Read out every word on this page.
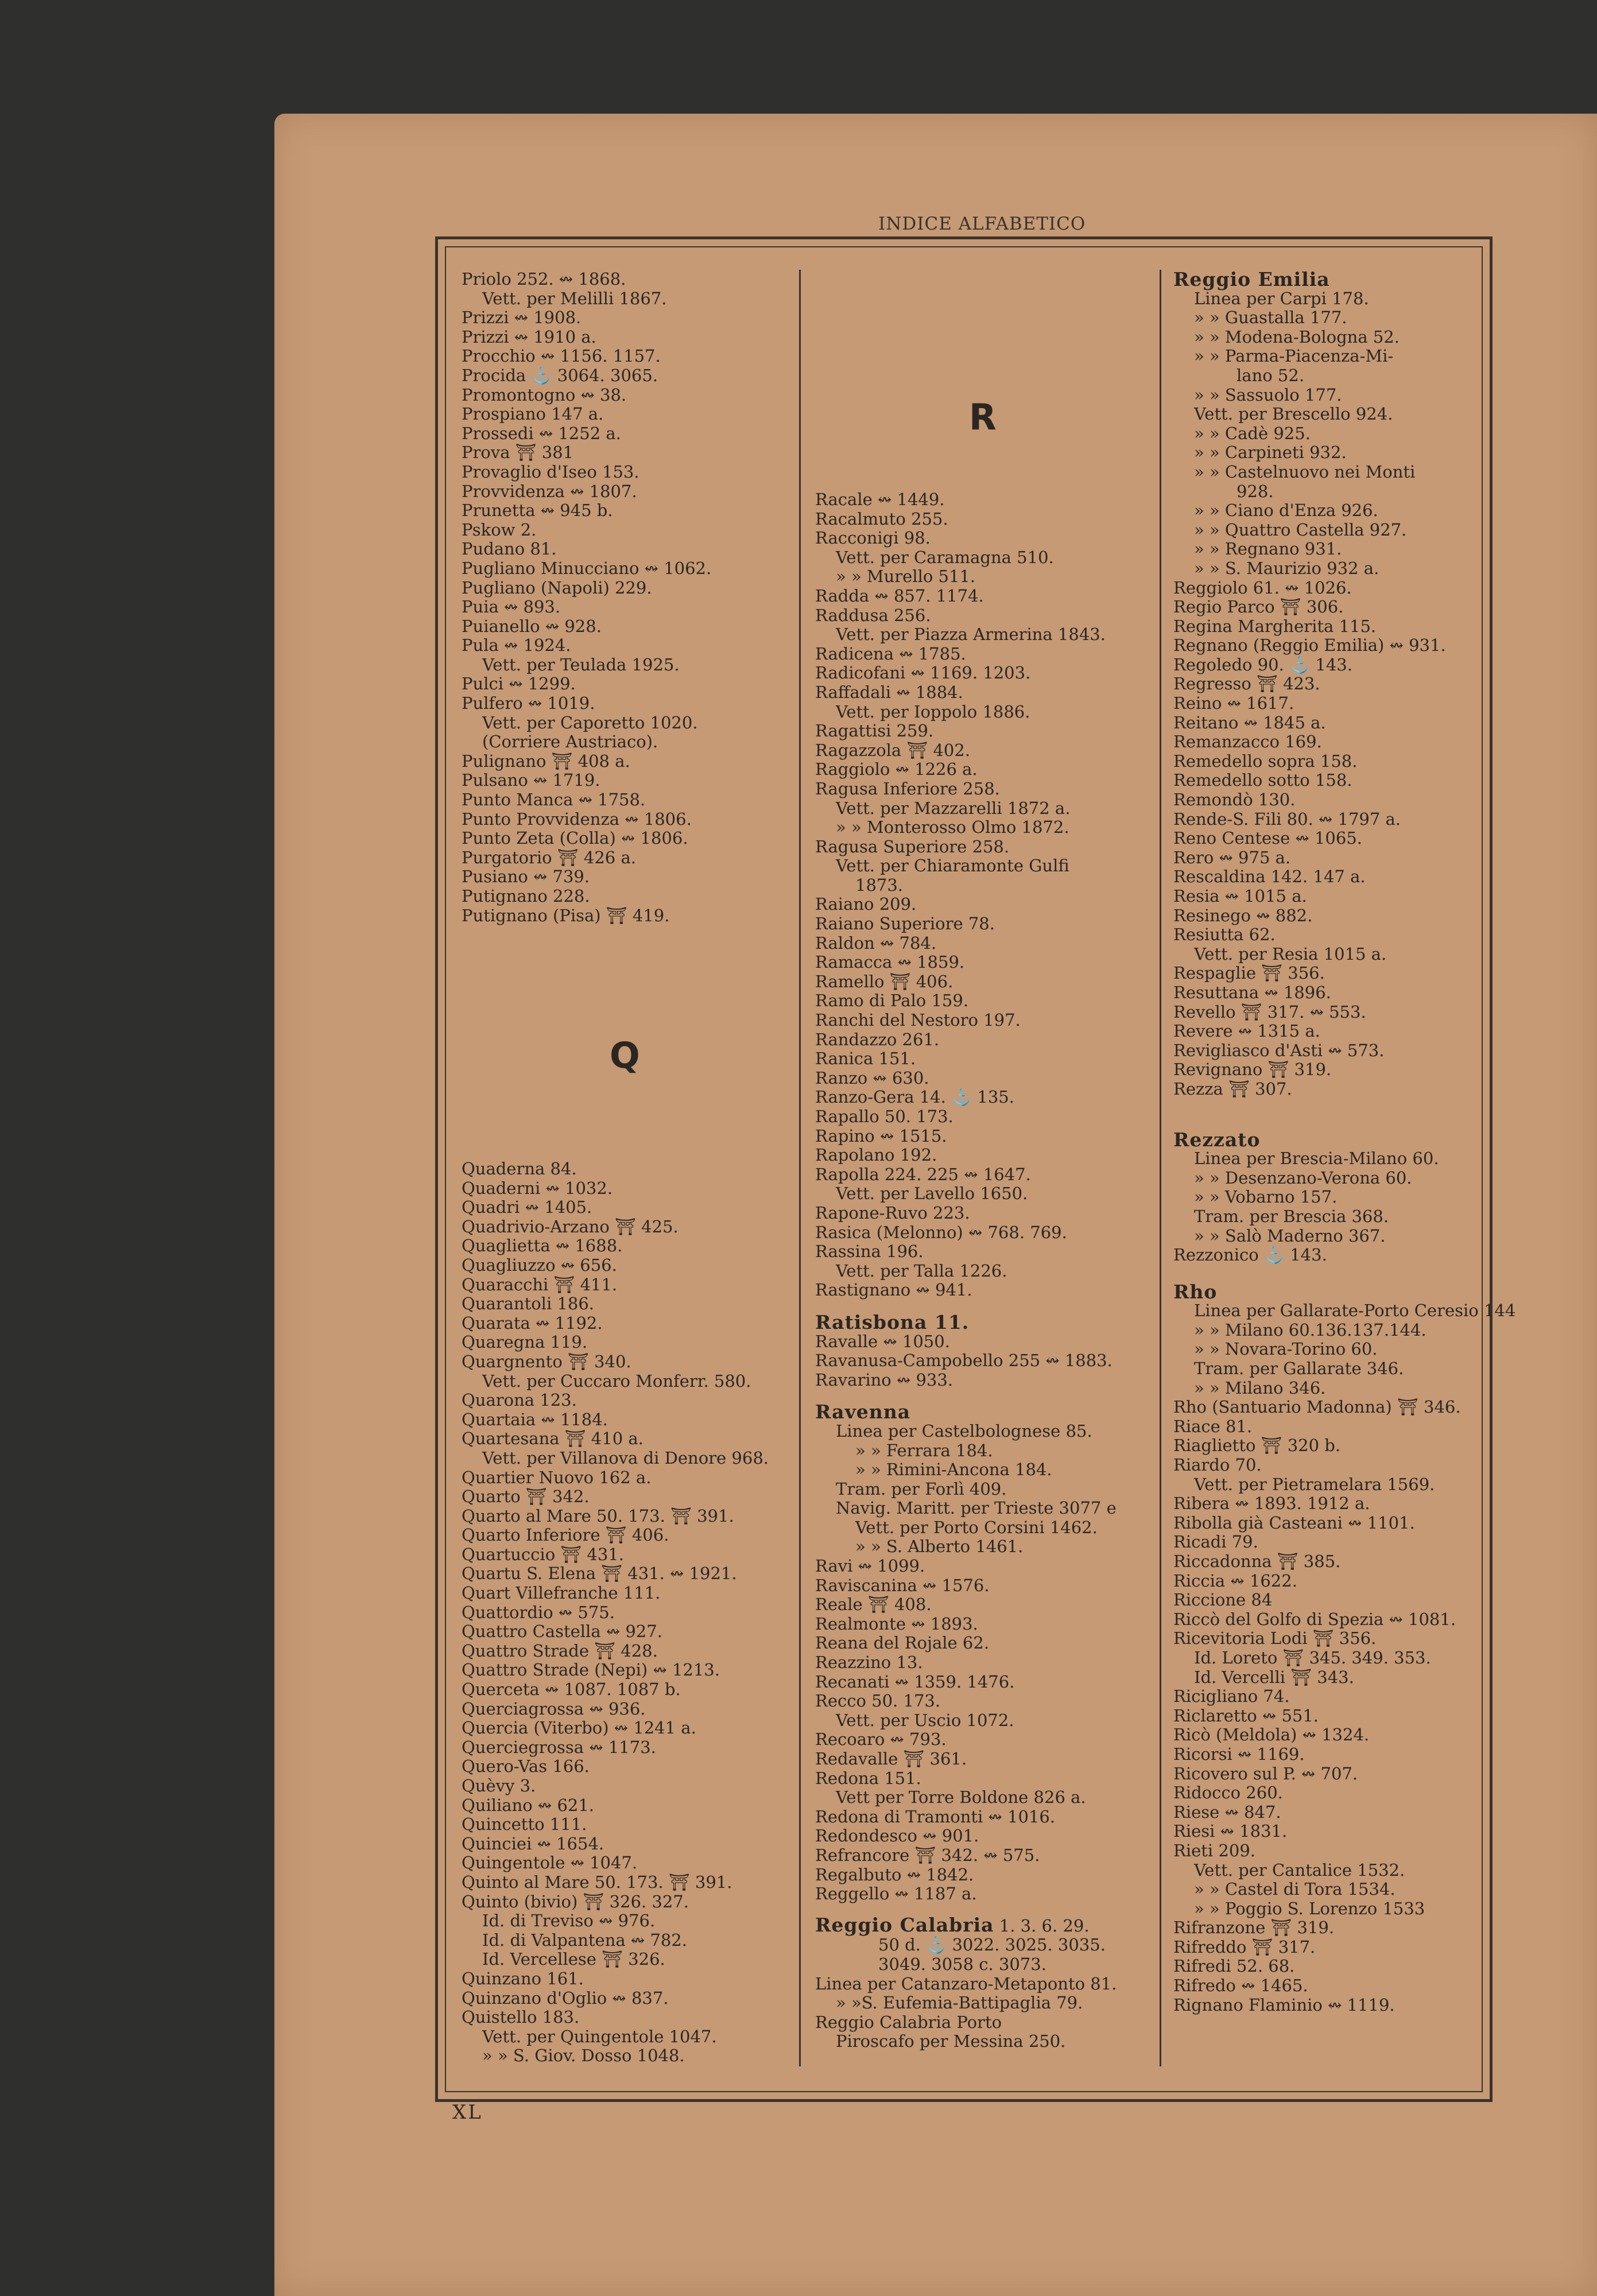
INDICE ALFABETICO
Priolo 252. ↭ 1868.
Vett. per Melilli 1867.
Prizzi ↭ 1908.
Prizzi ↭ 1910 a.
Procchio ↭ 1156. 1157.
Procida ⚓ 3064. 3065.
Promontogno ↭ 38.
Prospiano 147 a.
Prossedi ↭ 1252 a.
Prova ⛩ 381
Provaglio d'Iseo 153.
Provvidenza ↭ 1807.
Prunetta ↭ 945 b.
Pskow 2.
Pudano 81.
Pugliano Minucciano ↭ 1062.
Pugliano (Napoli) 229.
Puia ↭ 893.
Puianello ↭ 928.
Pula ↭ 1924.
Vett. per Teulada 1925.
Pulci ↭ 1299.
Pulfero ↭ 1019.
Vett. per Caporetto 1020.
(Corriere Austriaco).
Pulignano ⛩ 408 a.
Pulsano ↭ 1719.
Punto Manca ↭ 1758.
Punto Provvidenza ↭ 1806.
Punto Zeta (Colla) ↭ 1806.
Purgatorio ⛩ 426 a.
Pusiano ↭ 739.
Putignano 228.
Putignano (Pisa) ⛩ 419.
Q
Quaderna 84.
Quaderni ↭ 1032.
Quadri ↭ 1405.
Quadrivio-Arzano ⛩ 425.
Quaglietta ↭ 1688.
Quagliuzzo ↭ 656.
Quaracchi ⛩ 411.
Quarantoli 186.
Quarata ↭ 1192.
Quaregna 119.
Quargnento ⛩ 340.
Vett. per Cuccaro Monferr. 580.
Quarona 123.
Quartaia ↭ 1184.
Quartesana ⛩ 410 a.
Vett. per Villanova di Denore 968.
Quartier Nuovo 162 a.
Quarto ⛩ 342.
Quarto al Mare 50. 173. ⛩ 391.
Quarto Inferiore ⛩ 406.
Quartuccio ⛩ 431.
Quartu S. Elena ⛩ 431. ↭ 1921.
Quart Villefranche 111.
Quattordio ↭ 575.
Quattro Castella ↭ 927.
Quattro Strade ⛩ 428.
Quattro Strade (Nepi) ↭ 1213.
Querceta ↭ 1087. 1087 b.
Querciagrossa ↭ 936.
Quercia (Viterbo) ↭ 1241 a.
Querciegrossa ↭ 1173.
Quero-Vas 166.
Quèvy 3.
Quiliano ↭ 621.
Quincetto 111.
Quinciei ↭ 1654.
Quingentole ↭ 1047.
Quinto al Mare 50. 173. ⛩ 391.
Quinto (bivio) ⛩ 326. 327.
Id. di Treviso ↭ 976.
Id. di Valpantena ↭ 782.
Id. Vercellese ⛩ 326.
Quinzano 161.
Quinzano d'Oglio ↭ 837.
Quistello 183.
Vett. per Quingentole 1047.
» » S. Giov. Dosso 1048.
R
Racale ↭ 1449.
Racalmuto 255.
Racconigi 98.
Vett. per Caramagna 510.
» » Murello 511.
Radda ↭ 857. 1174.
Raddusa 256.
Vett. per Piazza Armerina 1843.
Radicena ↭ 1785.
Radicofani ↭ 1169. 1203.
Raffadali ↭ 1884.
Vett. per Ioppolo 1886.
Ragattisi 259.
Ragazzola ⛩ 402.
Raggiolo ↭ 1226 a.
Ragusa Inferiore 258.
Vett. per Mazzarelli 1872 a.
» » Monterosso Olmo 1872.
Ragusa Superiore 258.
Vett. per Chiaramonte Gulfi
1873.
Raiano 209.
Raiano Superiore 78.
Raldon ↭ 784.
Ramacca ↭ 1859.
Ramello ⛩ 406.
Ramo di Palo 159.
Ranchi del Nestoro 197.
Randazzo 261.
Ranica 151.
Ranzo ↭ 630.
Ranzo-Gera 14. ⚓ 135.
Rapallo 50. 173.
Rapino ↭ 1515.
Rapolano 192.
Rapolla 224. 225 ↭ 1647.
Vett. per Lavello 1650.
Rapone-Ruvo 223.
Rasica (Melonno) ↭ 768. 769.
Rassina 196.
Vett. per Talla 1226.
Rastignano ↭ 941.
Ratisbona 11.
Ravalle ↭ 1050.
Ravanusa-Campobello 255 ↭ 1883.
Ravarino ↭ 933.
Ravenna
Linea per Castelbolognese 85.
» » Ferrara 184.
» » Rimini-Ancona 184.
Tram. per Forlì 409.
Navig. Maritt. per Trieste 3077 e
Vett. per Porto Corsini 1462.
» » S. Alberto 1461.
Ravi ↭ 1099.
Raviscanina ↭ 1576.
Reale ⛩ 408.
Realmonte ↭ 1893.
Reana del Rojale 62.
Reazzino 13.
Recanati ↭ 1359. 1476.
Recco 50. 173.
Vett. per Uscio 1072.
Recoaro ↭ 793.
Redavalle ⛩ 361.
Redona 151.
Vett per Torre Boldone 826 a.
Redona di Tramonti ↭ 1016.
Redondesco ↭ 901.
Refrancore ⛩ 342. ↭ 575.
Regalbuto ↭ 1842.
Reggello ↭ 1187 a.
Reggio Calabria 1. 3. 6. 29.
50 d. ⚓ 3022. 3025. 3035.
3049. 3058 c. 3073.
Linea per Catanzaro-Metaponto 81.
» »S. Eufemia-Battipaglia 79.
Reggio Calabria Porto
Piroscafo per Messina 250.
Reggio Emilia
Linea per Carpi 178.
» » Guastalla 177.
» » Modena-Bologna 52.
» » Parma-Piacenza-Mi-
lano 52.
» » Sassuolo 177.
Vett. per Brescello 924.
» » Cadè 925.
» » Carpineti 932.
» » Castelnuovo nei Monti
928.
» » Ciano d'Enza 926.
» » Quattro Castella 927.
» » Regnano 931.
» » S. Maurizio 932 a.
Reggiolo 61. ↭ 1026.
Regio Parco ⛩ 306.
Regina Margherita 115.
Regnano (Reggio Emilia) ↭ 931.
Regoledo 90. ⚓ 143.
Regresso ⛩ 423.
Reino ↭ 1617.
Reitano ↭ 1845 a.
Remanzacco 169.
Remedello sopra 158.
Remedello sotto 158.
Remondò 130.
Rende-S. Fili 80. ↭ 1797 a.
Reno Centese ↭ 1065.
Rero ↭ 975 a.
Rescaldina 142. 147 a.
Resia ↭ 1015 a.
Resinego ↭ 882.
Resiutta 62.
Vett. per Resia 1015 a.
Respaglie ⛩ 356.
Resuttana ↭ 1896.
Revello ⛩ 317. ↭ 553.
Revere ↭ 1315 a.
Revigliasco d'Asti ↭ 573.
Revignano ⛩ 319.
Rezza ⛩ 307.
Rezzato
Linea per Brescia-Milano 60.
» » Desenzano-Verona 60.
» » Vobarno 157.
Tram. per Brescia 368.
» » Salò Maderno 367.
Rezzonico ⚓ 143.
Rho
Linea per Gallarate-Porto Ceresio 144
» » Milano 60.136.137.144.
» » Novara-Torino 60.
Tram. per Gallarate 346.
» » Milano 346.
Rho (Santuario Madonna) ⛩ 346.
Riace 81.
Riaglietto ⛩ 320 b.
Riardo 70.
Vett. per Pietramelara 1569.
Ribera ↭ 1893. 1912 a.
Ribolla già Casteani ↭ 1101.
Ricadi 79.
Riccadonna ⛩ 385.
Riccia ↭ 1622.
Riccione 84
Riccò del Golfo di Spezia ↭ 1081.
Ricevitoria Lodi ⛩ 356.
Id. Loreto ⛩ 345. 349. 353.
Id. Vercelli ⛩ 343.
Ricigliano 74.
Riclaretto ↭ 551.
Ricò (Meldola) ↭ 1324.
Ricorsi ↭ 1169.
Ricovero sul P. ↭ 707.
Ridocco 260.
Riese ↭ 847.
Riesi ↭ 1831.
Rieti 209.
Vett. per Cantalice 1532.
» » Castel di Tora 1534.
» » Poggio S. Lorenzo 1533
Rifranzone ⛩ 319.
Rifreddo ⛩ 317.
Rifredi 52. 68.
Rifredo ↭ 1465.
Rignano Flaminio ↭ 1119.
XL
